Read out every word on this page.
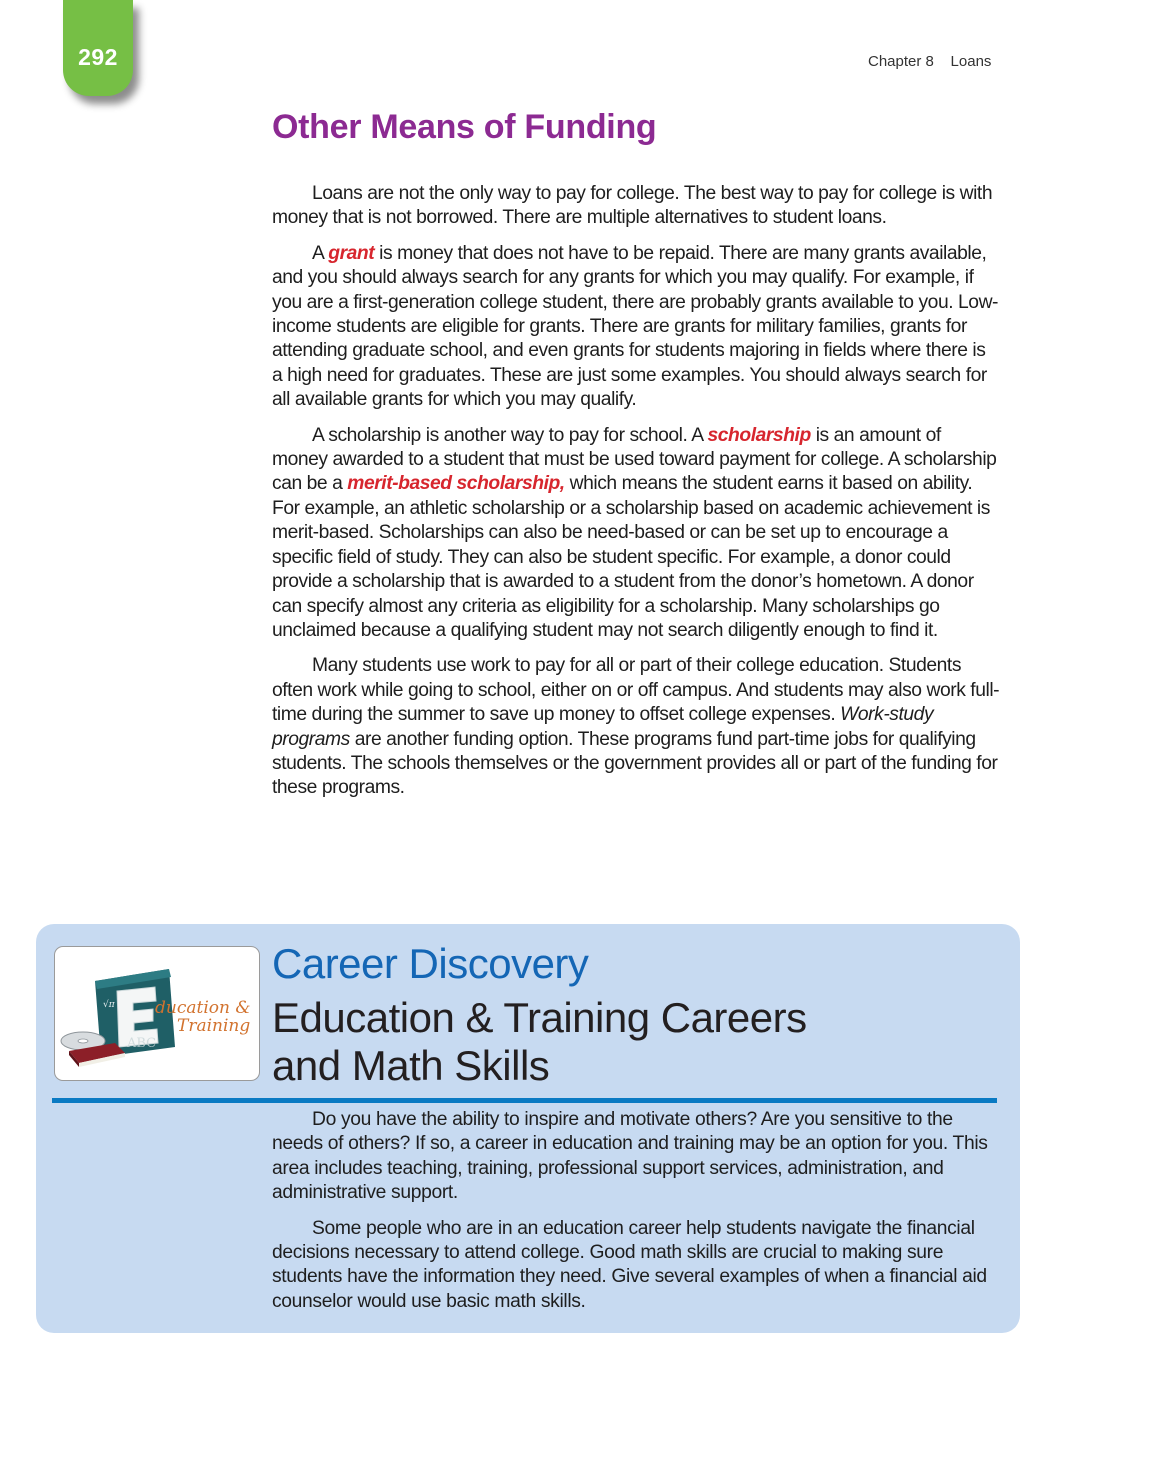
292	Chapter 8    Loans
Other Means of Funding

Loans are not the only way to pay for college. The best way to pay for college is with money that is not borrowed. There are multiple alternatives to student loans.

A grant is money that does not have to be repaid. There are many grants available, and you should always search for any grants for which you may qualify. For example, if you are a first-generation college student, there are probably grants available to you. Low-income students are eligible for grants. There are grants for military families, grants for attending graduate school, and even grants for students majoring in fields where there is a high need for graduates. These are just some examples. You should always search for all available grants for which you may qualify.

A scholarship is another way to pay for school. A scholarship is an amount of money awarded to a student that must be used toward payment for college. A scholarship can be a merit-based scholarship, which means the student earns it based on ability. For example, an athletic scholarship or a scholarship based on academic achievement is merit-based. Scholarships can also be need-based or can be set up to encourage a specific field of study. They can also be student specific. For example, a donor could provide a scholarship that is awarded to a student from the donor’s hometown. A donor can specify almost any criteria as eligibility for a scholarship. Many scholarships go unclaimed because a qualifying student may not search diligently enough to find it.

Many students use work to pay for all or part of their college education. Students often work while going to school, either on or off campus. And students may also work full-time during the summer to save up money to offset college expenses. Work-study programs are another funding option. These programs fund part-time jobs for qualifying students. The schools themselves or the government provides all or part of the funding for these programs.

√π
ABC
ducation &
Training
Career Discovery
Education & Training Careers
and Math Skills

Do you have the ability to inspire and motivate others? Are you sensitive to the needs of others? If so, a career in education and training may be an option for you. This area includes teaching, training, professional support services, administration, and administrative support.

Some people who are in an education career help students navigate the financial decisions necessary to attend college. Good math skills are crucial to making sure students have the information they need. Give several examples of when a financial aid counselor would use basic math skills.
